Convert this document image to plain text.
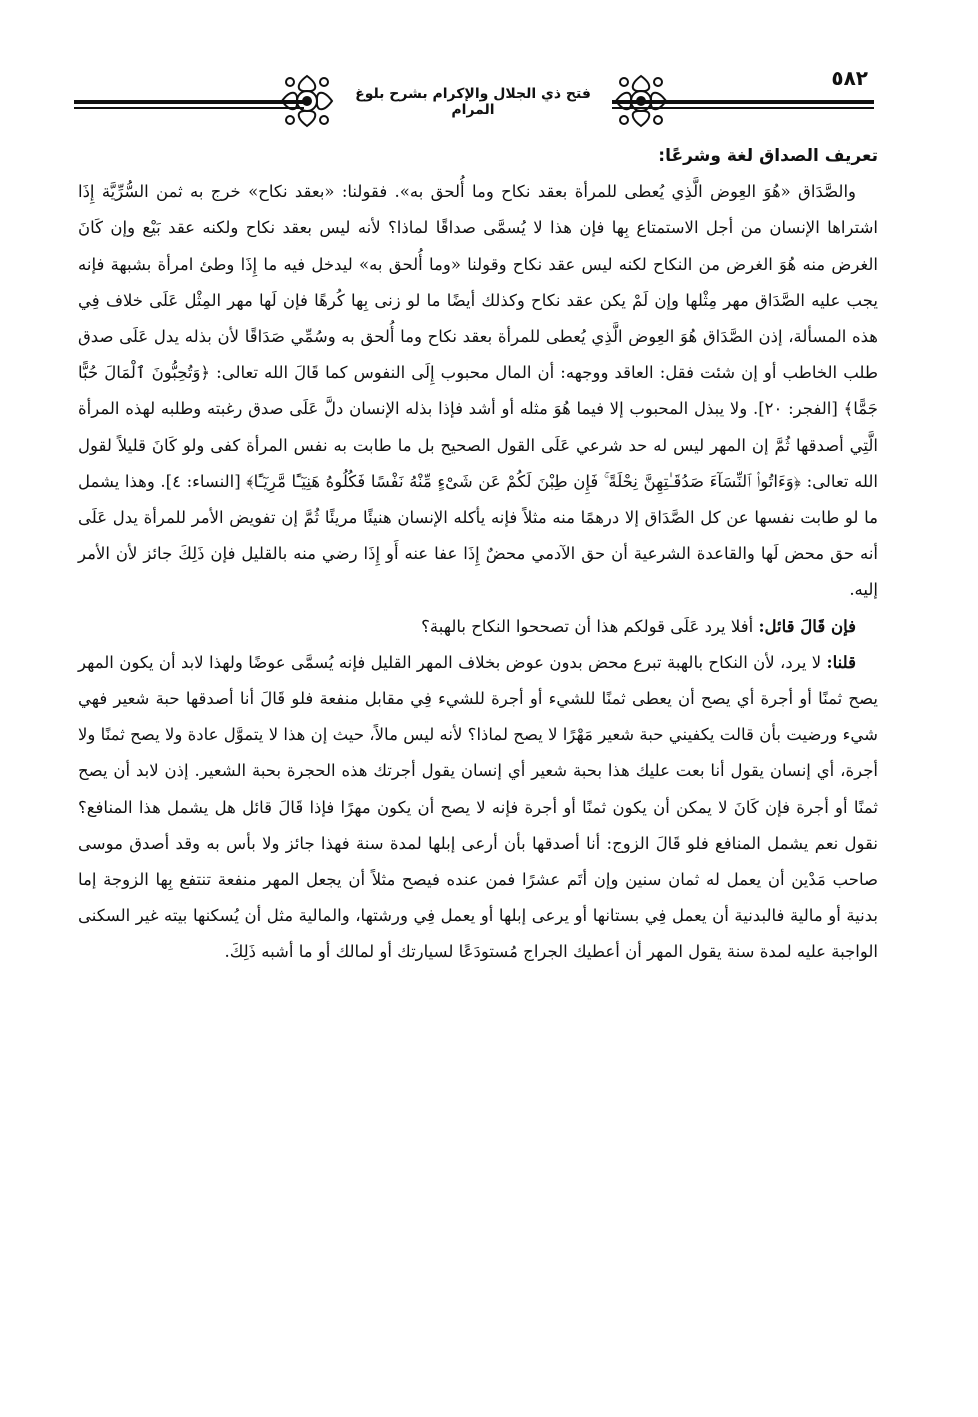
فتح ذي الجلال والإكرام بشرح بلوغ المرام
٥٨٢

تعريف الصداق لغة وشرعًا:

والصَّدَاق «هُوَ العِوض الَّذِي يُعطى للمرأة بعقد نكاح وما أُلحق به». فقولنا: «بعقد نكاح» خرج به ثمن السُّرِّيَّة إِذَا اشتراها الإنسان من أجل الاستمتاع بِها فإن هذا لا يُسمَّى صداقًا لماذا؟ لأنه ليس بعقد نكاح ولكنه عقد بَيْع وإن كَانَ الغرض منه هُوَ الغرض من النكاح لكنه ليس عقد نكاح وقولنا «وما أُلحق به» ليدخل فيه ما إِذَا وطئ امرأة بشبهة فإنه يجب عليه الصَّدَاق مهر مِثْلها وإن لَمْ يكن عقد نكاح وكذلك أيضًا ما لو زنى بِها كُرهًا فإن لَها مهر المِثْل عَلَى خلاف فِي هذه المسألة، إذن الصَّدَاق هُوَ العِوض الَّذِي يُعطى للمرأة بعقد نكاح وما أُلحق به وسُمِّي صَدَاقًا لأن بذله يدل عَلَى صدق طلب الخاطب أو إن شئت فقل: العاقد ووجهه: أن المال محبوب إِلَى النفوس كما قَالَ الله تعالى: ﴿وَتُحِبُّونَ ٱلْمَالَ حُبًّا جَمًّا﴾ [الفجر: ٢٠]. ولا يبذل المحبوب إلا فيما هُوَ مثله أو أشد فإذا بذله الإنسان دلَّ عَلَى صدق رغبته وطلبه لهذه المرأة الَّتِي أصدقها ثُمَّ إن المهر ليس له حد شرعي عَلَى القول الصحيح بل ما طابت به نفس المرأة كفى ولو كَانَ قليلاً لقول الله تعالى: ﴿وَءَاتُوا۟ ٱلنِّسَآءَ صَدُقَـٰتِهِنَّ نِحْلَةً ۚ فَإِن طِبْنَ لَكُمْ عَن شَىْءٍ مِّنْهُ نَفْسًا فَكُلُوهُ هَنِيٓـًٔا مَّرِيٓـًٔا﴾ [النساء: ٤]. وهذا يشمل ما لو طابت نفسها عن كل الصَّدَاق إلا درهمًا منه مثلاً فإنه يأكله الإنسان هنيئًا مريئًا ثُمَّ إن تفويض الأمر للمرأة يدل عَلَى أنه حق محض لَها والقاعدة الشرعية أن حق الآدمي محضٌ إِذَا عفا عنه أَو إِذَا رضي منه بالقليل فإن ذَلِكَ جائز لأن الأمر إليه.

فإن قَالَ قائل: أفلا يرد عَلَى قولكم هذا أن تصححوا النكاح بالهبة؟

قلنا: لا يرد، لأن النكاح بالهبة تبرع محض بدون عوض بخلاف المهر القليل فإنه يُسمَّى عوضًا ولهذا لابد أن يكون المهر يصح ثمنًا أو أجرة أي يصح أن يعطى ثمنًا للشيء أو أجرة للشيء فِي مقابل منفعة فلو قَالَ أنا أصدقها حبة شعير فهي شيء ورضيت بأن قالت يكفيني حبة شعير مَهْرًا لا يصح لماذا؟ لأنه ليس مالاً، حيث إن هذا لا يتموَّل عادة ولا يصح ثمنًا ولا أجرة، أي إنسان يقول أنا بعت عليك هذا بحبة شعير أي إنسان يقول أجرتك هذه الحجرة بحبة الشعير. إذن لابد أن يصح ثمنًا أو أجرة فإن كَانَ لا يمكن أن يكون ثمنًا أو أجرة فإنه لا يصح أن يكون مهرًا فإذا قَالَ قائل هل يشمل هذا المنافع؟ نقول نعم يشمل المنافع فلو قَالَ الزوج: أنا أصدقها بأن أرعى إبلها لمدة سنة فهذا جائز ولا بأس به وقد أصدق موسى صاحب مَدْين أن يعمل له ثمان سنين وإن أتَم عشرًا فمن عنده فيصح مثلاً أن يجعل المهر منفعة تنتفع بِها الزوجة إما بدنية أو مالية فالبدنية أن يعمل فِي بستانها أو يرعى إبلها أو يعمل فِي ورشتها، والمالية مثل أن يُسكنها بيته غير السكنى الواجبة عليه لمدة سنة يقول المهر أن أعطيك الجراج مُستودَعًا لسيارتك أو لمالك أو ما أشبه ذَلِكَ.
